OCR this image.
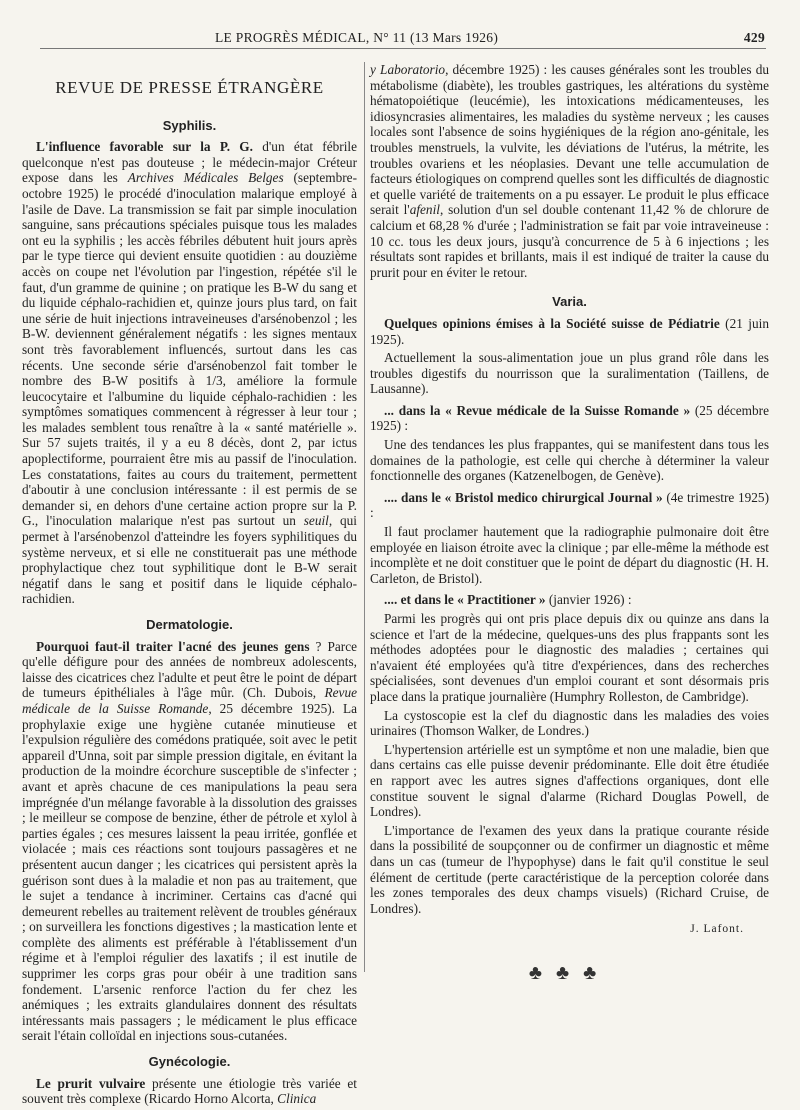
LE PROGRÈS MÉDICAL, N° 11 (13 Mars 1926)	429
REVUE DE PRESSE ÉTRANGÈRE
Syphilis.

L'influence favorable sur la P. G. d'un état fébrile quelconque n'est pas douteuse ; le médecin-major Créteur expose dans les Archives Médicales Belges (septembre-octobre 1925) le procédé d'inoculation malarique employé à l'asile de Dave. La transmission se fait par simple inoculation sanguine, sans précautions spéciales puisque tous les malades ont eu la syphilis ; les accès fébriles débutent huit jours après par le type tierce qui devient ensuite quotidien : au douzième accès on coupe net l'évolution par l'ingestion, répétée s'il le faut, d'un gramme de quinine ; on pratique les B-W du sang et du liquide céphalo-rachidien et, quinze jours plus tard, on fait une série de huit injections intraveineuses d'arsénobenzol ; les B-W. deviennent généralement négatifs : les signes mentaux sont très favorablement influencés, surtout dans les cas récents. Une seconde série d'arsénobenzol fait tomber le nombre des B-W positifs à 1/3, améliore la formule leucocytaire et l'albumine du liquide céphalo-rachidien : les symptômes somatiques commencent à régresser à leur tour ; les malades semblent tous renaître à la « santé matérielle ». Sur 57 sujets traités, il y a eu 8 décès, dont 2, par ictus apoplectiforme, pourraient être mis au passif de l'inoculation. Les constatations, faites au cours du traitement, permettent d'aboutir à une conclusion intéressante : il est permis de se demander si, en dehors d'une certaine action propre sur la P. G., l'inoculation malarique n'est pas surtout un seuil, qui permet à l'arsénobenzol d'atteindre les foyers syphilitiques du système nerveux, et si elle ne constituerait pas une méthode prophylactique chez tout syphilitique dont le B-W serait négatif dans le sang et positif dans le liquide céphalo-rachidien.

Dermatologie.

Pourquoi faut-il traiter l'acné des jeunes gens ? Parce qu'elle défigure pour des années de nombreux adolescents, laisse des cicatrices chez l'adulte et peut être le point de départ de tumeurs épithéliales à l'âge mûr. (Ch. Dubois, Revue médicale de la Suisse Romande, 25 décembre 1925). La prophylaxie exige une hygiène cutanée minutieuse et l'expulsion régulière des comédons pratiquée, soit avec le petit appareil d'Unna, soit par simple pression digitale, en évitant la production de la moindre écorchure susceptible de s'infecter ; avant et après chacune de ces manipulations la peau sera imprégnée d'un mélange favorable à la dissolution des graisses ; le meilleur se compose de benzine, éther de pétrole et xylol à parties égales ; ces mesures laissent la peau irritée, gonflée et violacée ; mais ces réactions sont toujours passagères et ne présentent aucun danger ; les cicatrices qui persistent après la guérison sont dues à la maladie et non pas au traitement, que le sujet a tendance à incriminer. Certains cas d'acné qui demeurent rebelles au traitement relèvent de troubles généraux ; on surveillera les fonctions digestives ; la mastication lente et complète des aliments est préférable à l'établissement d'un régime et à l'emploi régulier des laxatifs ; il est inutile de supprimer les corps gras pour obéir à une tradition sans fondement. L'arsenic renforce l'action du fer chez les anémiques ; les extraits glandulaires donnent des résultats intéressants mais passagers ; le médicament le plus efficace serait l'étain colloïdal en injections sous-cutanées.

Gynécologie.

Le prurit vulvaire présente une étiologie très variée et souvent très complexe (Ricardo Horno Alcorta, Clinica

y Laboratorio, décembre 1925) : les causes générales sont les troubles du métabolisme (diabète), les troubles gastriques, les altérations du système hématopoiétique (leucémie), les intoxications médicamenteuses, les idiosyncrasies alimentaires, les maladies du système nerveux ; les causes locales sont l'absence de soins hygiéniques de la région ano-génitale, les troubles menstruels, la vulvite, les déviations de l'utérus, la métrite, les troubles ovariens et les néoplasies. Devant une telle accumulation de facteurs étiologiques on comprend quelles sont les difficultés de diagnostic et quelle variété de traitements on a pu essayer. Le produit le plus efficace serait l'afenil, solution d'un sel double contenant 11,42 % de chlorure de calcium et 68,28 % d'urée ; l'administration se fait par voie intraveineuse : 10 cc. tous les deux jours, jusqu'à concurrence de 5 à 6 injections ; les résultats sont rapides et brillants, mais il est indiqué de traiter la cause du prurit pour en éviter le retour.

Varia.

Quelques opinions émises à la Société suisse de Pédiatrie (21 juin 1925).

Actuellement la sous-alimentation joue un plus grand rôle dans les troubles digestifs du nourrisson que la suralimentation (Taillens, de Lausanne).

... dans la « Revue médicale de la Suisse Romande » (25 décembre 1925) :

Une des tendances les plus frappantes, qui se manifestent dans tous les domaines de la pathologie, est celle qui cherche à déterminer la valeur fonctionnelle des organes (Katzenelbogen, de Genève).

.... dans le « Bristol medico chirurgical Journal » (4e trimestre 1925) :

Il faut proclamer hautement que la radiographie pulmonaire doit être employée en liaison étroite avec la clinique ; par elle-même la méthode est incomplète et ne doit constituer que le point de départ du diagnostic (H. H. Carleton, de Bristol).

.... et dans le « Practitioner » (janvier 1926) :

Parmi les progrès qui ont pris place depuis dix ou quinze ans dans la science et l'art de la médecine, quelques-uns des plus frappants sont les méthodes adoptées pour le diagnostic des maladies ; certaines qui n'avaient été employées qu'à titre d'expériences, dans des recherches spécialisées, sont devenues d'un emploi courant et sont désormais pris place dans la pratique journalière (Humphry Rolleston, de Cambridge).

La cystoscopie est la clef du diagnostic dans les maladies des voies urinaires (Thomson Walker, de Londres.)

L'hypertension artérielle est un symptôme et non une maladie, bien que dans certains cas elle puisse devenir prédominante. Elle doit être étudiée en rapport avec les autres signes d'affections organiques, dont elle constitue souvent le signal d'alarme (Richard Douglas Powell, de Londres).

L'importance de l'examen des yeux dans la pratique courante réside dans la possibilité de soupçonner ou de confirmer un diagnostic et même dans un cas (tumeur de l'hypophyse) dans le fait qu'il constitue le seul élément de certitude (perte caractéristique de la perception colorée dans les zones temporales des deux champs visuels) (Richard Cruise, de Londres).

J. Lafont.
♣♣♣
